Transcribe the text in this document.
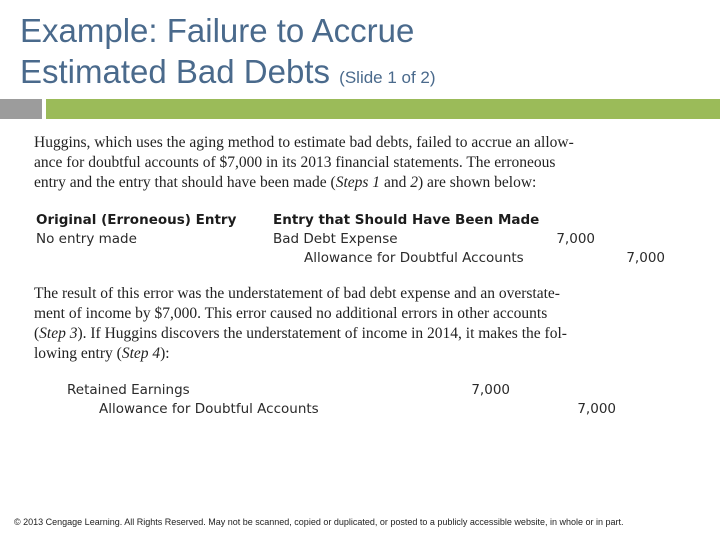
Example: Failure to Accrue
Estimated Bad Debts (Slide 1 of 2)
Huggins, which uses the aging method to estimate bad debts, failed to accrue an allow-
ance for doubtful accounts of $7,000 in its 2013 financial statements. The erroneous
entry and the entry that should have been made (Steps 1 and 2) are shown below:
Original (Erroneous) Entry	Entry that Should Have Been Made
No entry made	Bad Debt Expense	7,000
Allowance for Doubtful Accounts	7,000
The result of this error was the understatement of bad debt expense and an overstate-
ment of income by $7,000. This error caused no additional errors in other accounts
(Step 3). If Huggins discovers the understatement of income in 2014, it makes the fol-
lowing entry (Step 4):
Retained Earnings	7,000
Allowance for Doubtful Accounts	7,000
© 2013 Cengage Learning. All Rights Reserved. May not be scanned, copied or duplicated, or posted to a publicly accessible website, in whole or in part.
